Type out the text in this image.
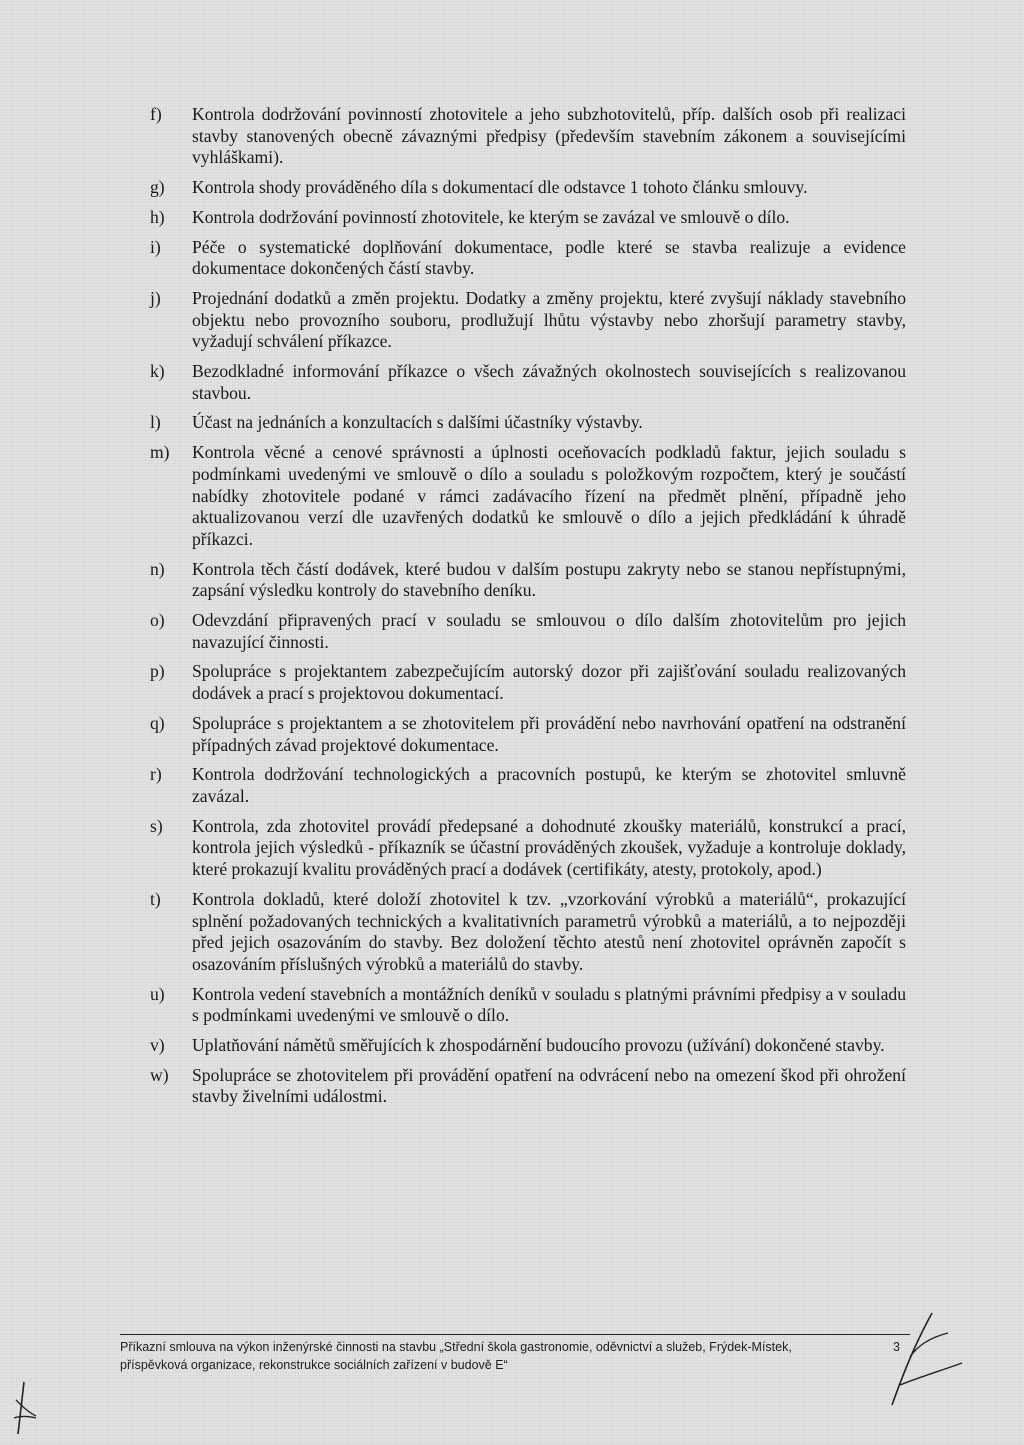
f)	Kontrola dodržování povinností zhotovitele a jeho subzhotovitelů, příp. dalších osob při realizaci stavby stanovených obecně závaznými předpisy (především stavebním zákonem a souvisejícími vyhláškami).
g)	Kontrola shody prováděného díla s dokumentací dle odstavce 1 tohoto článku smlouvy.
h)	Kontrola dodržování povinností zhotovitele, ke kterým se zavázal ve smlouvě o dílo.
i)	Péče o systematické doplňování dokumentace, podle které se stavba realizuje a evidence dokumentace dokončených částí stavby.
j)	Projednání dodatků a změn projektu. Dodatky a změny projektu, které zvyšují náklady stavebního objektu nebo provozního souboru, prodlužují lhůtu výstavby nebo zhoršují parametry stavby, vyžadují schválení příkazce.
k)	Bezodkladné informování příkazce o všech závažných okolnostech souvisejících s realizovanou stavbou.
l)	Účast na jednáních a konzultacích s dalšími účastníky výstavby.
m)	Kontrola věcné a cenové správnosti a úplnosti oceňovacích podkladů faktur, jejich souladu s podmínkami uvedenými ve smlouvě o dílo a souladu s položkovým rozpočtem, který je součástí nabídky zhotovitele podané v rámci zadávacího řízení na předmět plnění, případně jeho aktualizovanou verzí dle uzavřených dodatků ke smlouvě o dílo a jejich předkládání k úhradě příkazci.
n)	Kontrola těch částí dodávek, které budou v dalším postupu zakryty nebo se stanou nepřístupnými, zapsání výsledku kontroly do stavebního deníku.
o)	Odevzdání připravených prací v souladu se smlouvou o dílo dalším zhotovitelům pro jejich navazující činnosti.
p)	Spolupráce s projektantem zabezpečujícím autorský dozor při zajišťování souladu realizovaných dodávek a prací s projektovou dokumentací.
q)	Spolupráce s projektantem a se zhotovitelem při provádění nebo navrhování opatření na odstranění případných závad projektové dokumentace.
r)	Kontrola dodržování technologických a pracovních postupů, ke kterým se zhotovitel smluvně zavázal.
s)	Kontrola, zda zhotovitel provádí předepsané a dohodnuté zkoušky materiálů, konstrukcí a prací, kontrola jejich výsledků - příkazník se účastní prováděných zkoušek, vyžaduje a kontroluje doklady, které prokazují kvalitu prováděných prací a dodávek (certifikáty, atesty, protokoly, apod.)
t)	Kontrola dokladů, které doloží zhotovitel k tzv. „vzorkování výrobků a materiálů“, prokazující splnění požadovaných technických a kvalitativních parametrů výrobků a materiálů, a to nejpozději před jejich osazováním do stavby. Bez doložení těchto atestů není zhotovitel oprávněn započít s osazováním příslušných výrobků a materiálů do stavby.
u)	Kontrola vedení stavebních a montážních deníků v souladu s platnými právními předpisy a v souladu s podmínkami uvedenými ve smlouvě o dílo.
v)	Uplatňování námětů směřujících k zhospodárnění budoucího provozu (užívání) dokončené stavby.
w)	Spolupráce se zhotovitelem při provádění opatření na odvrácení nebo na omezení škod při ohrožení stavby živelními událostmi.
Příkazní smlouva na výkon inženýrské činnosti na stavbu „Střední škola gastronomie, oděvnictví a služeb, Frýdek-Místek,
příspěvková organizace, rekonstrukce sociálních zařízení v budově E“
3
